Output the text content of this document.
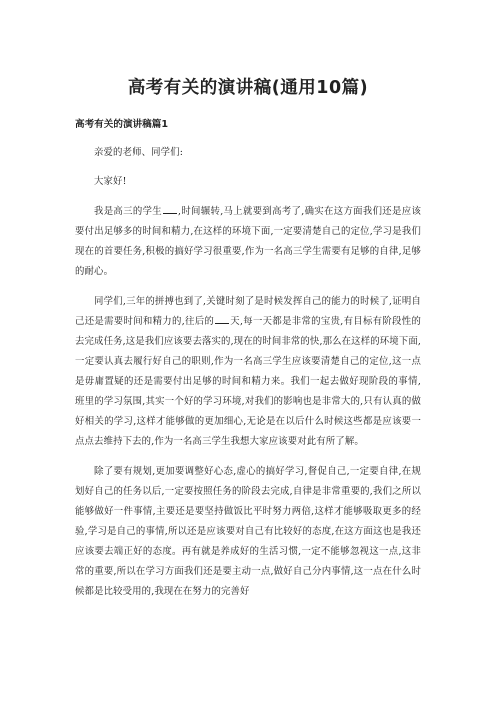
高考有关的演讲稿(通用10篇)
高考有关的演讲稿篇1

亲爱的老师、同学们:

大家好!

我是高三的学生 ,时间辗转,马上就要到高考了,确实在这方面我们还是应该要付出足够多的时间和精力,在这样的环境下面,一定要清楚自己的定位,学习是我们现在的首要任务,积极的搞好学习很重要,作为一名高三学生需要有足够的自律,足够的耐心。

同学们,三年的拼搏也到了,关键时刻了是时候发挥自己的能力的时候了,证明自己还是需要时间和精力的,往后的 天,每一天都是非常的宝贵,有目标有阶段性的去完成任务,这是我们应该要去落实的,现在的时间非常的快,那么在这样的环境下面,一定要认真去履行好自己的职则,作为一名高三学生应该要清楚自己的定位,这一点是毋庸置疑的还是需要付出足够的时间和精力来。我们一起去做好现阶段的事情,班里的学习氛围,其实一个好的学习环境,对我们的影响也是非常大的,只有认真的做好相关的学习,这样才能够做的更加细心,无论是在以后什么时候这些都是应该要一点点去维持下去的,作为一名高三学生我想大家应该要对此有所了解。

除了要有规划,更加要调整好心态,虚心的搞好学习,督促自己,一定要自律,在规划好自己的任务以后,一定要按照任务的阶段去完成,自律是非常重要的,我们之所以能够做好一件事情,主要还是要坚持做饭比平时努力两倍,这样才能够吸取更多的经验,学习是自己的事情,所以还是应该要对自己有比较好的态度,在这方面这也是我还应该要去端正好的态度。再有就是养成好的生活习惯,一定不能够忽视这一点,这非常的重要,所以在学习方面我们还是要主动一点,做好自己分内事情,这一点在什么时候都是比较受用的,我现在在努力的完善好
